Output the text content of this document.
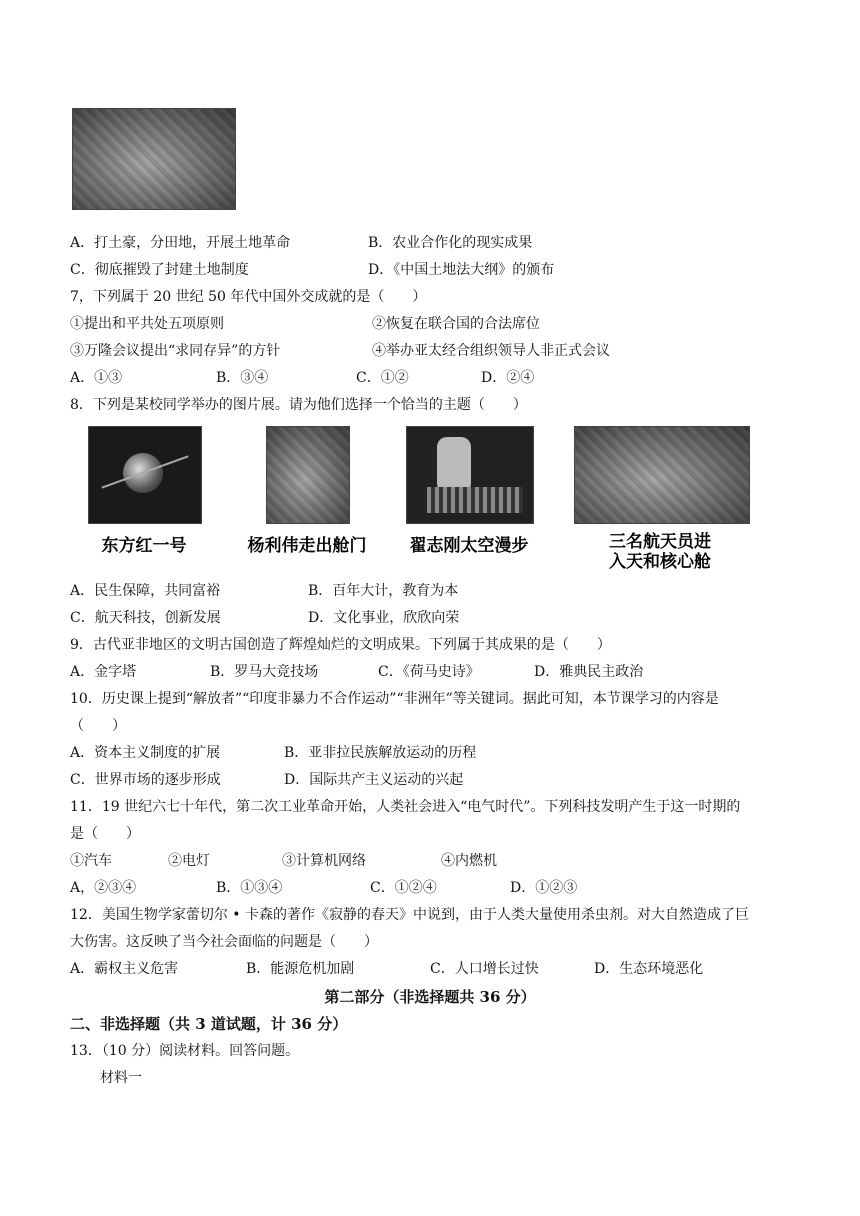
A．打土豪，分田地，开展土地革命	B．农业合作化的现实成果
C．彻底摧毁了封建土地制度	D．《中国土地法大纲》的颁布
7，下列属于 20 世纪 50 年代中国外交成就的是（　　）
①提出和平共处五项原则	②恢复在联合国的合法席位
③万隆会议提出“求同存异”的方针	④举办亚太经合组织领导人非正式会议
A．①③	B．③④	C．①②	D．②④
8．下列是某校同学举办的图片展。请为他们选择一个恰当的主题（　　）
东方红一号	杨利伟走出舱门	翟志刚太空漫步	三名航天员进
入天和核心舱
A．民生保障，共同富裕	B．百年大计，教育为本
C．航天科技，创新发展	D．文化事业，欣欣向荣
9．古代亚非地区的文明古国创造了辉煌灿烂的文明成果。下列属于其成果的是（　　）
A．金字塔	B．罗马大竞技场	C．《荷马史诗》	D．雅典民主政治
10．历史课上提到“解放者”“印度非暴力不合作运动”“非洲年”等关键词。据此可知，本节课学习的内容是
（　　）
A．资本主义制度的扩展	B．亚非拉民族解放运动的历程
C．世界市场的逐步形成	D．国际共产主义运动的兴起
11．19 世纪六七十年代，第二次工业革命开始，人类社会进入“电气时代”。下列科技发明产生于这一时期的
是（　　）
①汽车	②电灯	③计算机网络	④内燃机
A，②③④	B．①③④	C．①②④	D．①②③
12．美国生物学家蕾切尔 • 卡森的著作《寂静的春天》中说到，由于人类大量使用杀虫剂。对大自然造成了巨
大伤害。这反映了当今社会面临的问题是（　　）
A．霸权主义危害	B．能源危机加剧	C．人口增长过快	D．生态环境恶化
第二部分（非选择题共 36 分）
二、非选择题（共 3 道试题，计 36 分）
13．（10 分）阅读材料。回答问题。
材料一
